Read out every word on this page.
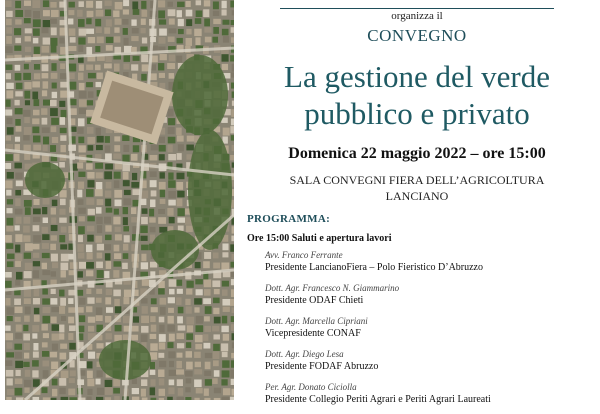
organizza il
CONVEGNO
La gestione del verde
pubblico e privato
Domenica 22 maggio 2022 – ore 15:00
SALA CONVEGNI FIERA DELL’AGRICOLTURA
LANCIANO
PROGRAMMA:
Ore 15:00 Saluti e apertura lavori
Avv. Franco Ferrante
Presidente LancianoFiera – Polo Fieristico D’Abruzzo
Dott. Agr. Francesco N. Giammarino
Presidente ODAF Chieti
Dott. Agr. Marcella Cipriani
Vicepresidente CONAF
Dott. Agr. Diego Lesa
Presidente FODAF Abruzzo
Per. Agr. Donato Ciciolla
Presidente Collegio Periti Agrari e Periti Agrari Laureati
